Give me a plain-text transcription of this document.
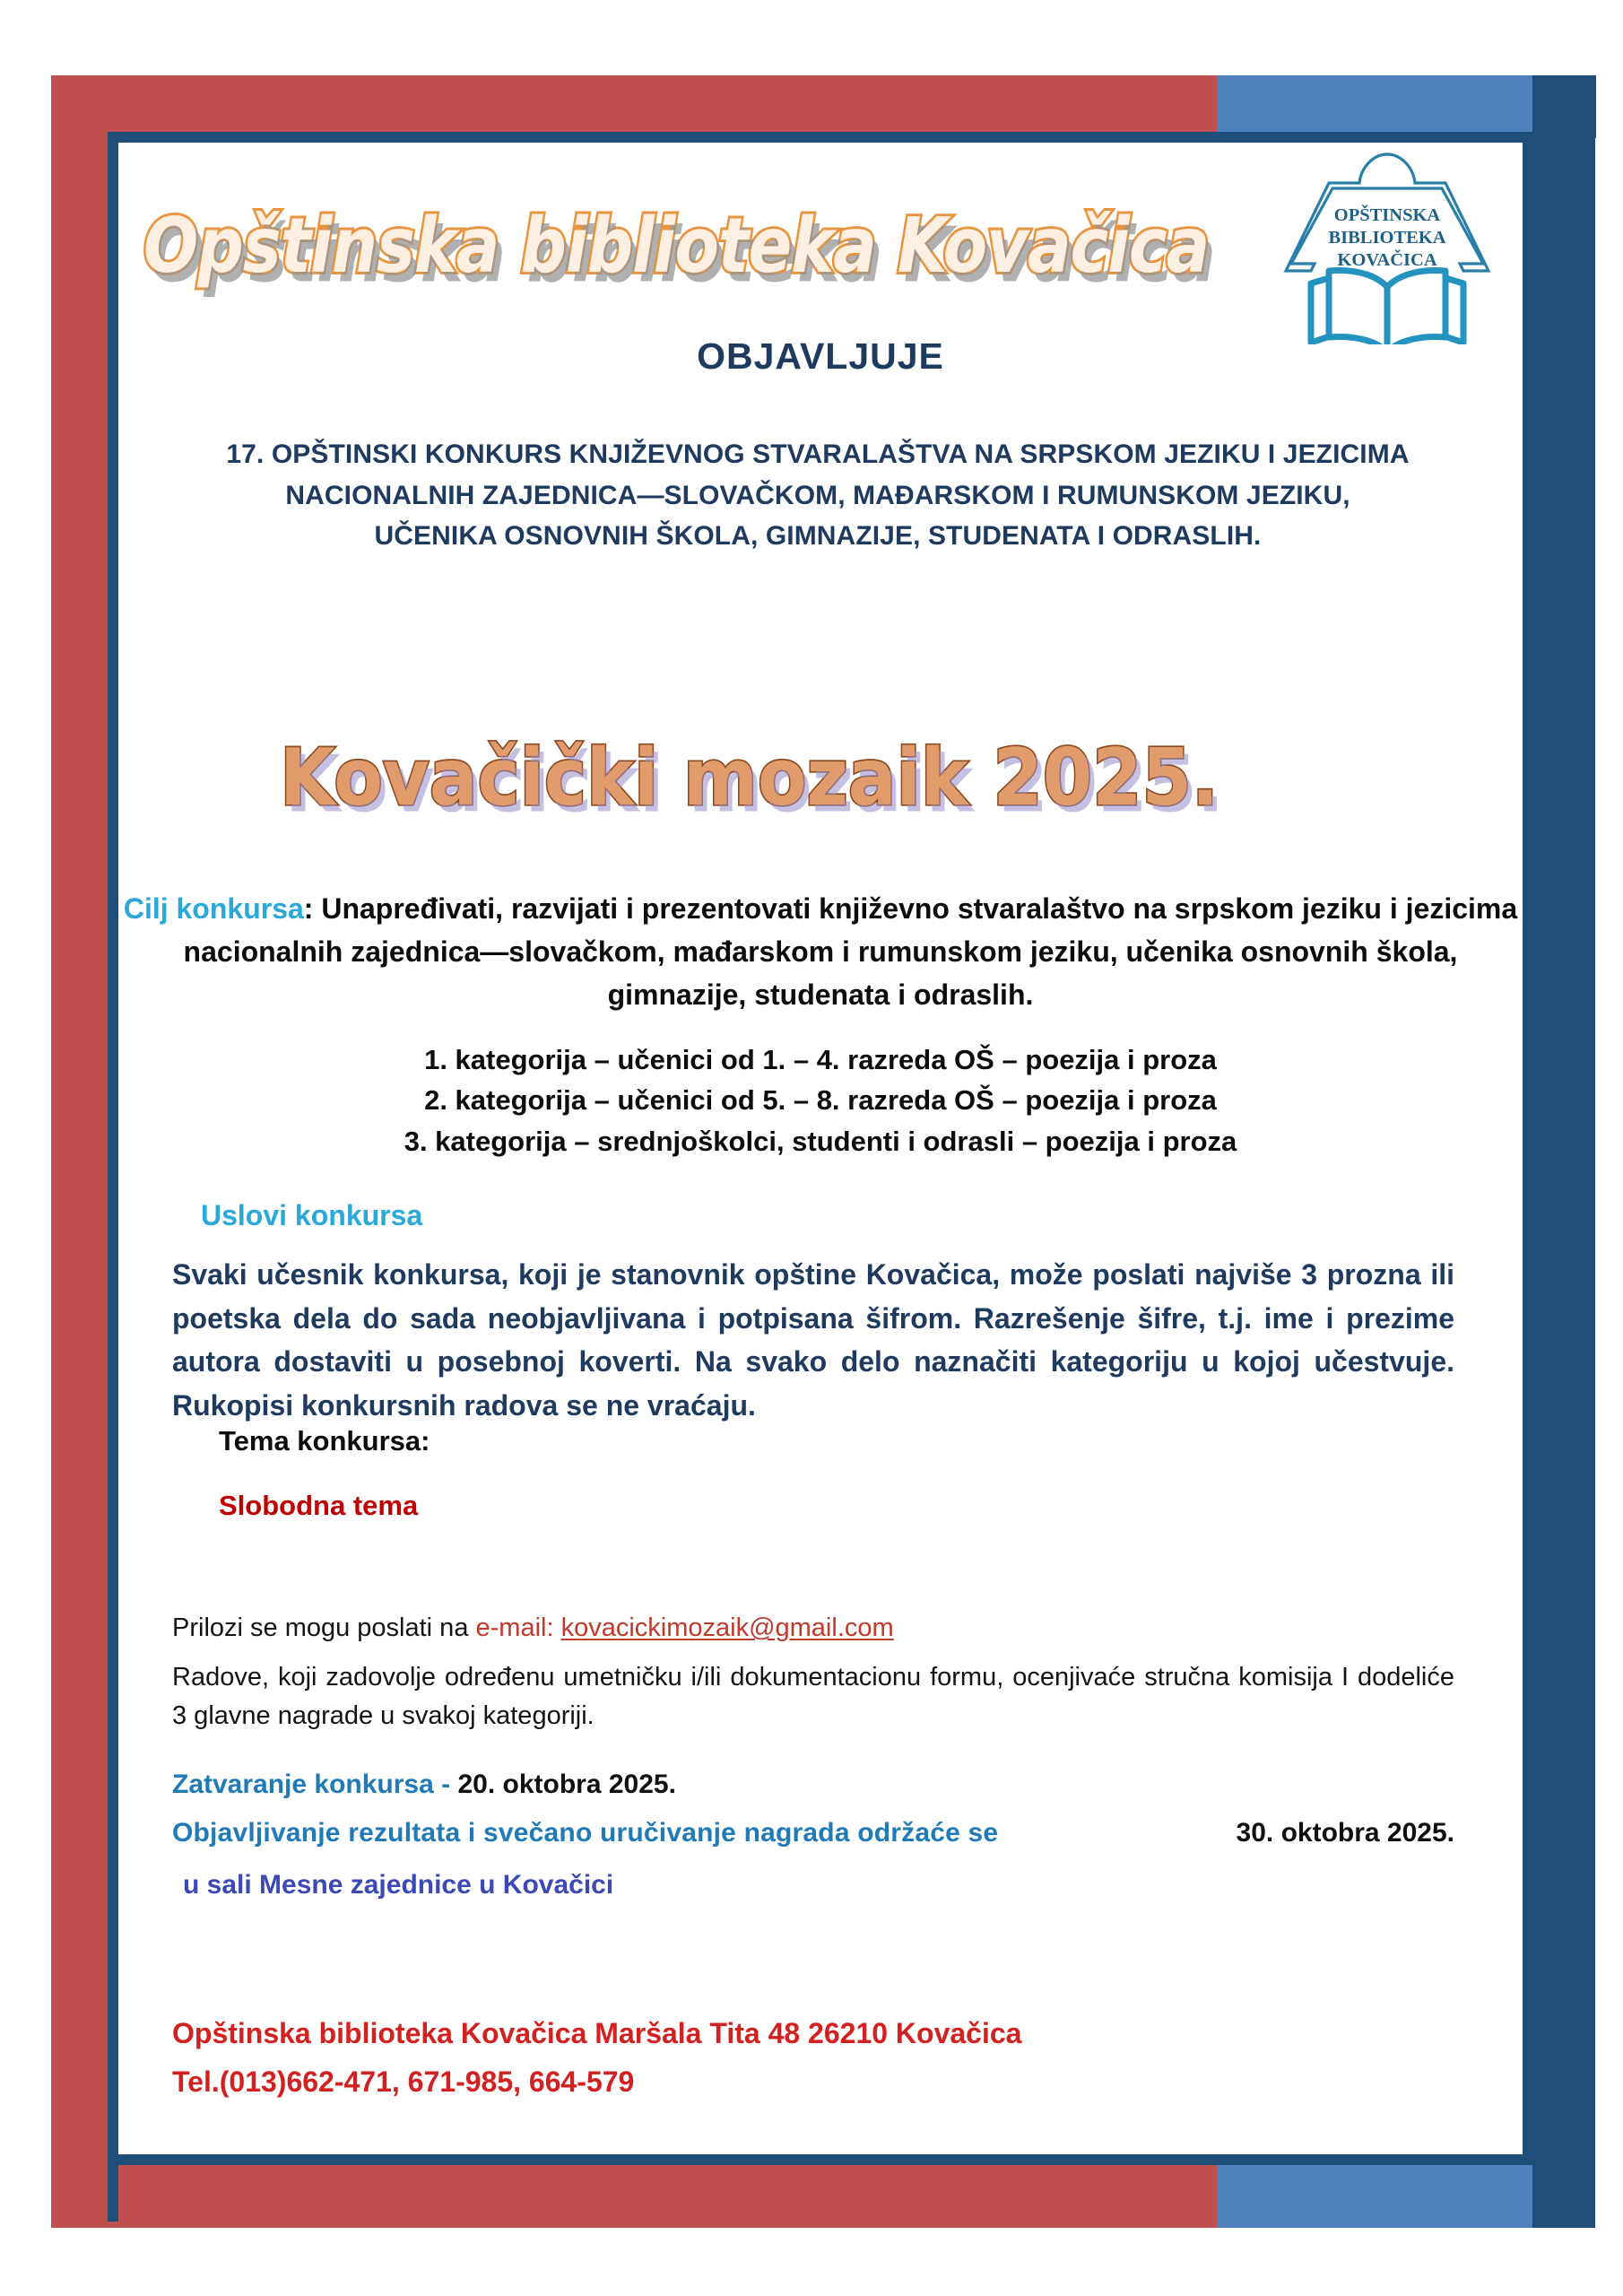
OPŠTINSKA
BIBLIOTEKA
KOVAČICA
Opštinska biblioteka Kovačica
OBJAVLJUJE
17. OPŠTINSKI KONKURS KNJIŽEVNOG STVARALAŠTVA NA SRPSKOM JEZIKU I JEZICIMA
NACIONALNIH ZAJEDNICA—SLOVAČKOM, MAĐARSKOM I RUMUNSKOM JEZIKU,
UČENIKA OSNOVNIH ŠKOLA, GIMNAZIJE, STUDENATA I ODRASLIH.
Kovačički mozaik 2025.
Cilj konkursa: Unapređivati, razvijati i prezentovati književno stvaralaštvo na srpskom jeziku i jezicima nacionalnih zajednica—slovačkom, mađarskom i rumunskom jeziku, učenika osnovnih škola, gimnazije, studenata i odraslih.
1. kategorija – učenici od 1. – 4. razreda OŠ – poezija i proza
2. kategorija – učenici od 5. – 8. razreda OŠ – poezija i proza
3. kategorija – srednjoškolci, studenti i odrasli – poezija i proza
Uslovi konkursa
Svaki učesnik konkursa, koji je stanovnik opštine Kovačica, može poslati najviše 3 prozna ili poetska dela do sada neobjavljivana i potpisana šifrom. Razrešenje šifre, t.j. ime i prezime autora dostaviti u posebnoj koverti. Na svako delo naznačiti kategoriju u kojoj učestvuje. Rukopisi konkursnih radova se ne vraćaju.
Tema konkursa:
Slobodna tema
Prilozi se mogu poslati na e-mail: kovacickimozaik@gmail.com
Radove, koji zadovolje određenu umetničku i/ili dokumentacionu formu, ocenjivaće stručna komisija I dodeliće 3 glavne nagrade u svakoj kategoriji.
Zatvaranje konkursa - 20. oktobra 2025.
Objavljivanje rezultata i svečano uručivanje nagrada održaće se	30. oktobra 2025.
u sali Mesne zajednice u Kovačici
Opštinska biblioteka Kovačica Maršala Tita 48 26210 Kovačica
Tel.(013)662-471, 671-985, 664-579
